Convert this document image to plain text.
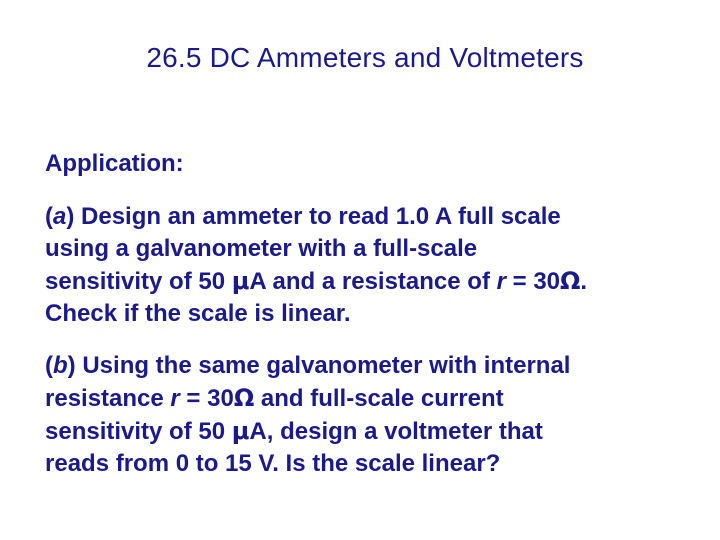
26.5 DC Ammeters and Voltmeters
Application:

(a) Design an ammeter to read 1.0 A full scale
using a galvanometer with a full-scale
sensitivity of 50 μA and a resistance of r = 30Ω.
Check if the scale is linear.

(b) Using the same galvanometer with internal
resistance r = 30Ω and full-scale current
sensitivity of 50 μA, design a voltmeter that
reads from 0 to 15 V. Is the scale linear?
